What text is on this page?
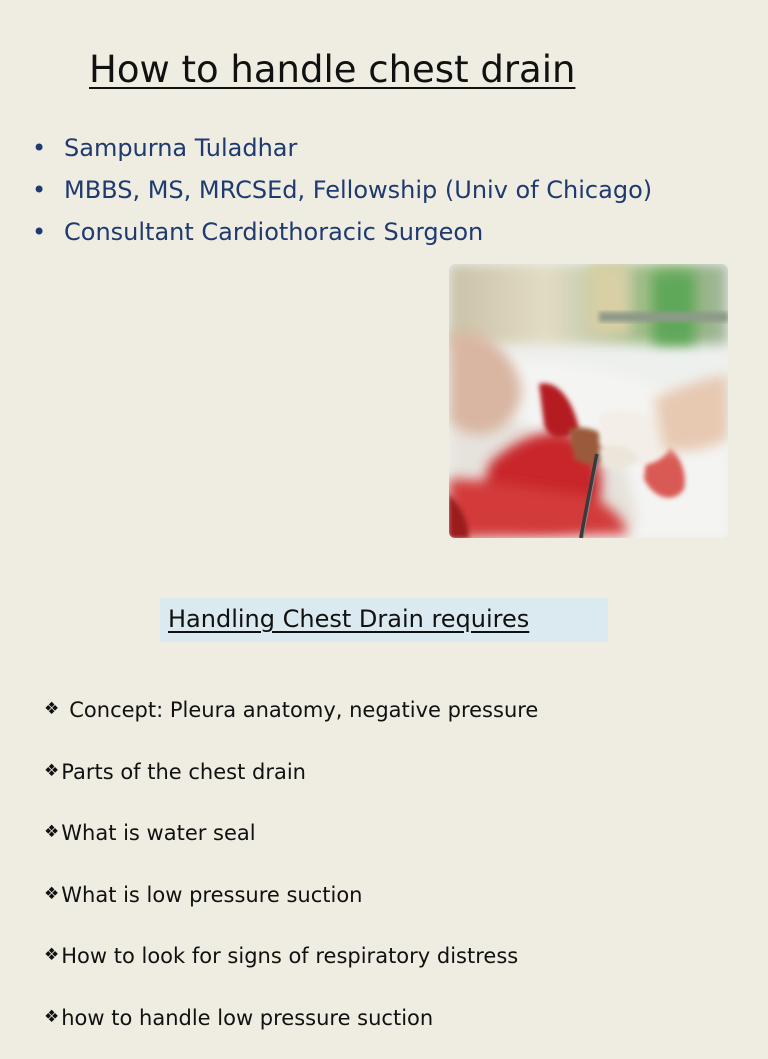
How to handle chest drain
• Sampurna Tuladhar
• MBBS, MS, MRCSEd, Fellowship (Univ of Chicago)
• Consultant Cardiothoracic Surgeon
Handling Chest Drain requires
❖ Concept: Pleura anatomy, negative pressure
❖Parts of the chest drain
❖What is water seal
❖What is low pressure suction
❖How to look for signs of respiratory distress
❖how to handle low pressure suction
